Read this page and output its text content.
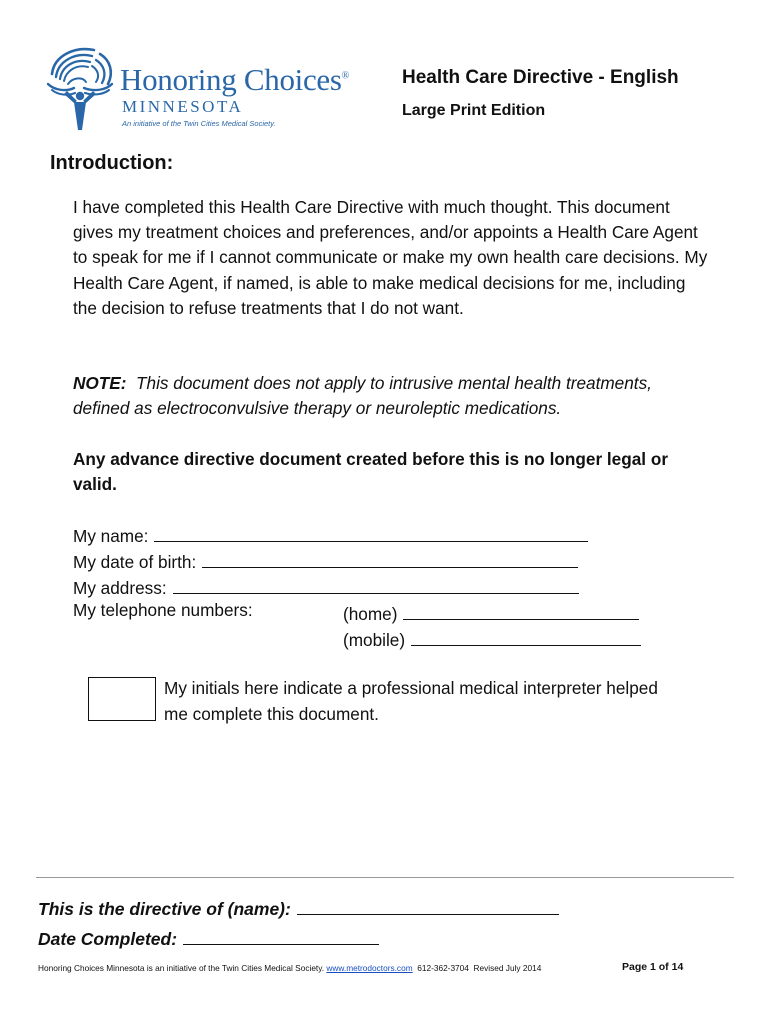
Honoring Choices®
MINNESOTA
An initiative of the Twin Cities Medical Society.
Health Care Directive - English
Large Print Edition
Introduction:
I have completed this Health Care Directive with much thought. This document gives my treatment choices and preferences, and/or appoints a Health Care Agent to speak for me if I cannot communicate or make my own health care decisions. My Health Care Agent, if named, is able to make medical decisions for me, including the decision to refuse treatments that I do not want.
NOTE: This document does not apply to intrusive mental health treatments, defined as electroconvulsive therapy or neuroleptic medications.
Any advance directive document created before this is no longer legal or valid.
My name:
My date of birth:
My address:
My telephone numbers:	(home)
(mobile)
My initials here indicate a professional medical interpreter helped me complete this document.
This is the directive of (name):
Date Completed:
Honoring Choices Minnesota is an initiative of the Twin Cities Medical Society. www.metrodoctors.com 612-362-3704 Revised July 2014	Page 1 of 14
